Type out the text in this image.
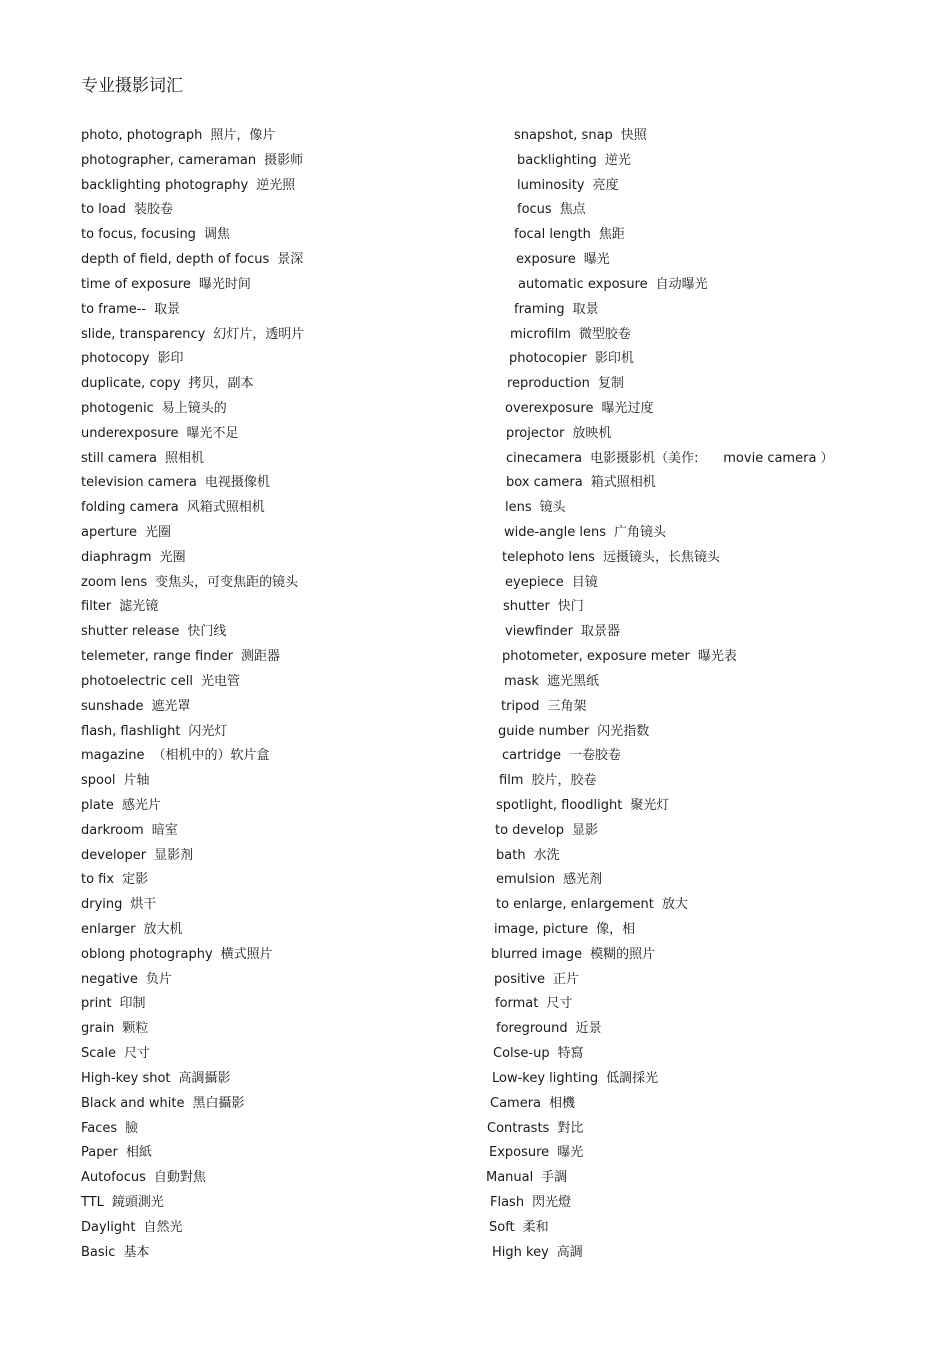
专业摄影词汇
photo, photograph 照片，像片
photographer, cameraman 摄影师
backlighting photography 逆光照
to load 装胶卷
to focus, focusing 调焦
depth of field, depth of focus 景深
time of exposure 曝光时间
to frame-- 取景
slide, transparency 幻灯片，透明片
photocopy 影印
duplicate, copy 拷贝，副本
photogenic 易上镜头的
underexposure 曝光不足
still camera 照相机
television camera 电视摄像机
folding camera 风箱式照相机
aperture 光圈
diaphragm 光圈
zoom lens 变焦头，可变焦距的镜头
filter 滤光镜
shutter release 快门线
telemeter, range finder 测距器
photoelectric cell 光电管
sunshade 遮光罩
flash, flashlight 闪光灯
magazine （相机中的）软片盒
spool 片轴
plate 感光片
darkroom 暗室
developer 显影剂
to fix 定影
drying 烘干
enlarger 放大机
oblong photography 横式照片
negative 负片
print 印制
grain 颗粒
Scale 尺寸
High-key shot 高調攝影
Black and white 黑白攝影
Faces 臉
Paper 相紙
Autofocus 自動對焦
TTL 鏡頭測光
Daylight 自然光
Basic 基本
snapshot, snap 快照
backlighting 逆光
luminosity 亮度
focus 焦点
focal length 焦距
exposure 曝光
automatic exposure 自动曝光
framing 取景
microfilm 微型胶卷
photocopier 影印机
reproduction 复制
overexposure 曝光过度
projector 放映机
cinecamera 电影摄影机（美作:      movie camera ）
box camera 箱式照相机
lens 镜头
wide-angle lens 广角镜头
telephoto lens 远摄镜头，长焦镜头
eyepiece 目镜
shutter 快门
viewfinder 取景器
photometer, exposure meter 曝光表
mask 遮光黑纸
tripod 三角架
guide number 闪光指数
cartridge 一卷胶卷
film 胶片，胶卷
spotlight, floodlight 聚光灯
to develop 显影
bath 水洗
emulsion 感光剂
to enlarge, enlargement 放大
image, picture 像，相
blurred image 模糊的照片
positive 正片
format 尺寸
foreground 近景
Colse-up 特寫
Low-key lighting 低調採光
Camera 相機
Contrasts 對比
Exposure 曝光
Manual 手調
Flash 閃光燈
Soft 柔和
High key 高調
